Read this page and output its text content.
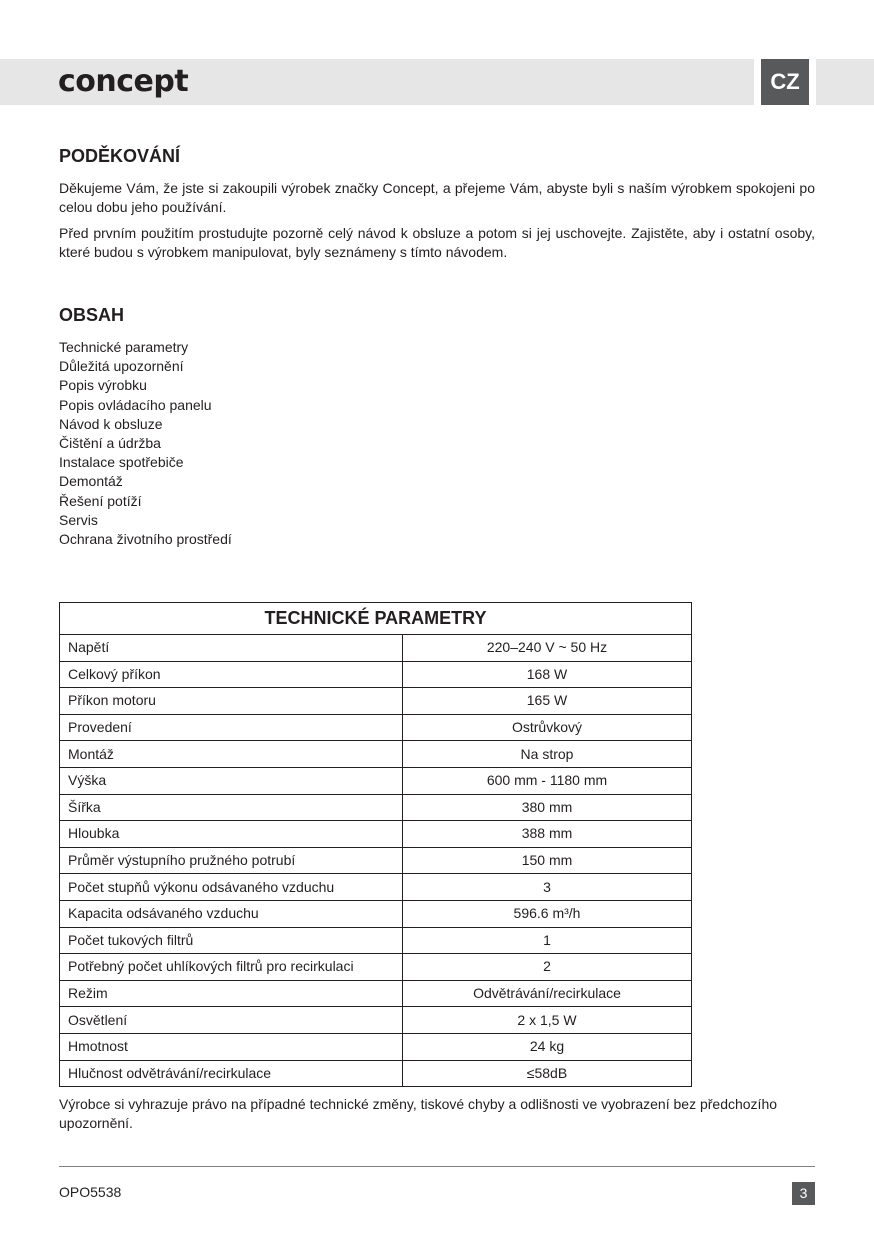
concept	CZ
PODĚKOVÁNÍ

Děkujeme Vám, že jste si zakoupili výrobek značky Concept, a přejeme Vám, abyste byli s naším výrobkem spokojeni po celou dobu jeho používání.

Před prvním použitím prostudujte pozorně celý návod k obsluze a potom si jej uschovejte. Zajistěte, aby i ostatní osoby, které budou s výrobkem manipulovat, byly seznámeny s tímto návodem.

OBSAH
Technické parametry
Důležitá upozornění
Popis výrobku
Popis ovládacího panelu
Návod k obsluze
Čištění a údržba
Instalace spotřebiče
Demontáž
Řešení potíží
Servis
Ochrana životního prostředí
TECHNICKÉ PARAMETRY	
Napětí	220–240 V ~ 50 Hz
Celkový příkon	168 W
Příkon motoru	165 W
Provedení	Ostrůvkový
Montáž	Na strop
Výška	600 mm - 1180 mm
Šířka	380 mm
Hloubka	388 mm
Průměr výstupního pružného potrubí	150 mm
Počet stupňů výkonu odsávaného vzduchu	3
Kapacita odsávaného vzduchu	596.6 m³/h
Počet tukových filtrů	1
Potřebný počet uhlíkových filtrů pro recirkulaci	2
Režim	Odvětrávání/recirkulace
Osvětlení	2 x 1,5 W
Hmotnost	24 kg
Hlučnost odvětrávání/recirkulace	≤58dB

Výrobce si vyhrazuje právo na případné technické změny, tiskové chyby a odlišnosti ve vyobrazení bez předchozího upozornění.

OPO5538	3
